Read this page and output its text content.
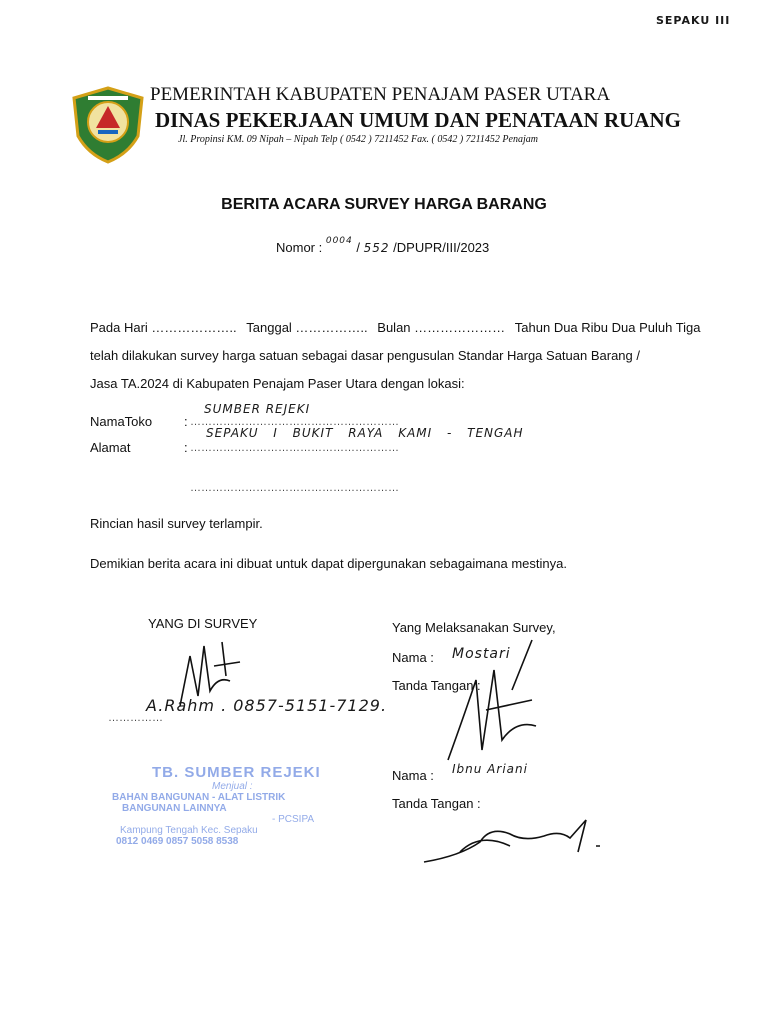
SEPAKU III
PEMERINTAH KABUPATEN PENAJAM PASER UTARA
DINAS PEKERJAAN UMUM DAN PENATAAN RUANG
Jl. Propinsi KM. 09 Nipah – Nipah Telp ( 0542 ) 7211452 Fax. ( 0542 ) 7211452 Penajam
BERITA ACARA SURVEY HARGA BARANG
Nomor : $^{0004}$ / 552 /DPUPR/III/2023
Pada Hari ……………….. Tanggal …………….. Bulan ………………… Tahun Dua Ribu Dua Puluh Tiga
telah dilakukan survey harga satuan sebagai dasar pengusulan Standar Harga Satuan Barang /
Jasa TA.2024 di Kabupaten Penajam Paser Utara dengan lokasi:
NamaToko : …………………………………………………
SUMBER REJEKI
Alamat	: …………………………………………………
SEPAKU I BUKIT RAYA KAMI - TENGAH
…………………………………………………
Rincian hasil survey terlampir.
Demikian berita acara ini dibuat untuk dapat dipergunakan sebagaimana mestinya.
YANG DI SURVEY
……………
A.Rahm . 0857-5151-7129.
TB. SUMBER REJEKI
Menjual :
BAHAN BANGUNAN - ALAT LISTRIK
BANGUNAN LAINNYA
- PCSIPA
Kampung Tengah Kec. Sepaku
0812 0469 0857 5058 8538
Yang Melaksanakan Survey,
Nama : Mostari
Tanda Tangan :
Nama : Ibnu Ariani
Tanda Tangan :
